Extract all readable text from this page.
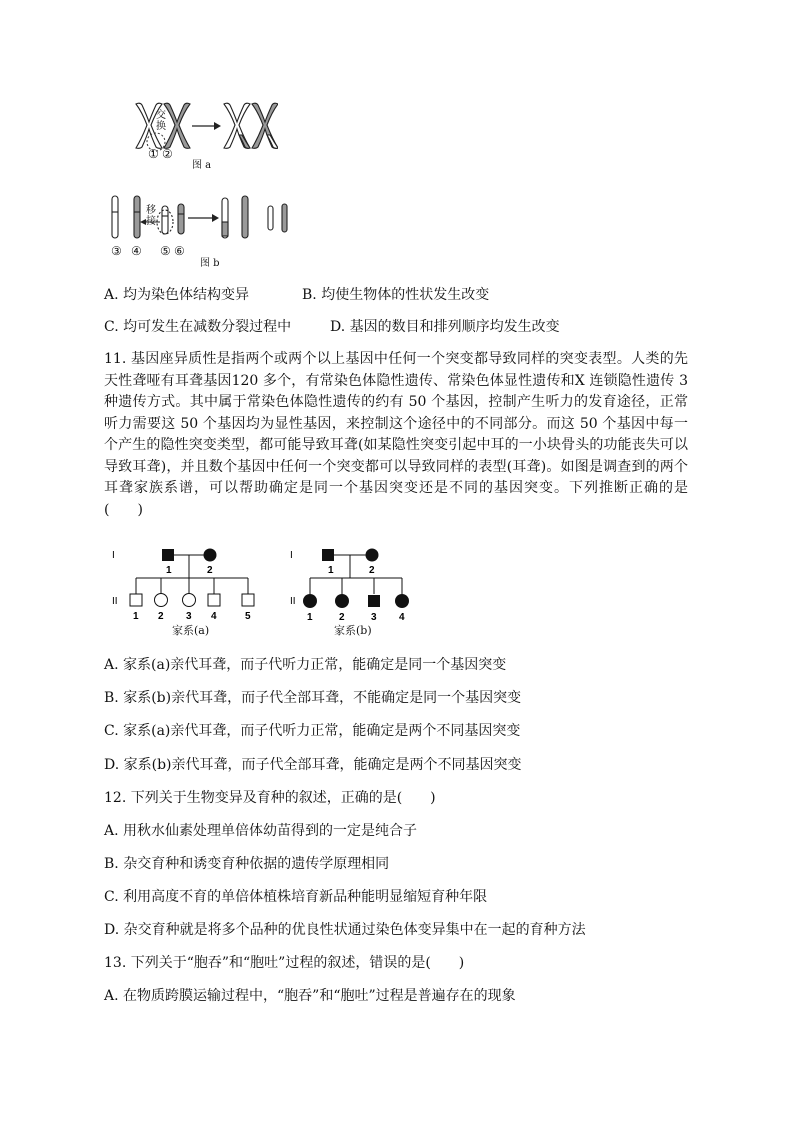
交
换
① ②
图 a
移
接
③ ④ ⑤ ⑥
图 b
A. 均为染色体结构变异	B. 均使生物体的性状发生改变
C. 均可发生在减数分裂过程中	D. 基因的数目和排列顺序均发生改变
11. 基因座异质性是指两个或两个以上基因中任何一个突变都导致同样的突变表型。人类的先天性聋哑有耳聋基因120 多个，有常染色体隐性遗传、常染色体显性遗传和X 连锁隐性遗传 3 种遗传方式。其中属于常染色体隐性遗传的约有 50 个基因，控制产生听力的发育途径，正常听力需要这 50 个基因均为显性基因，来控制这个途径中的不同部分。而这 50 个基因中每一个产生的隐性突变类型，都可能导致耳聋(如某隐性突变引起中耳的一小块骨头的功能丧失可以导致耳聋)，并且数个基因中任何一个突变都可以导致同样的表型(耳聋)。如图是调查到的两个耳聋家族系谱，可以帮助确定是同一个基因突变还是不同的基因突变。下列推断正确的是(　　)
I
II
1	2
1 2 3 4	5
家系(a)
I
II
1	2
1	2	3 4
家系(b)
A. 家系(a)亲代耳聋，而子代听力正常，能确定是同一个基因突变
B. 家系(b)亲代耳聋，而子代全部耳聋，不能确定是同一个基因突变
C. 家系(a)亲代耳聋，而子代听力正常，能确定是两个不同基因突变
D. 家系(b)亲代耳聋，而子代全部耳聋，能确定是两个不同基因突变
12. 下列关于生物变异及育种的叙述，正确的是(　　)
A. 用秋水仙素处理单倍体幼苗得到的一定是纯合子
B. 杂交育种和诱变育种依据的遗传学原理相同
C. 利用高度不育的单倍体植株培育新品种能明显缩短育种年限
D. 杂交育种就是将多个品种的优良性状通过染色体变异集中在一起的育种方法
13. 下列关于“胞吞”和“胞吐”过程的叙述，错误的是(　　)
A. 在物质跨膜运输过程中，“胞吞”和“胞吐”过程是普遍存在的现象
